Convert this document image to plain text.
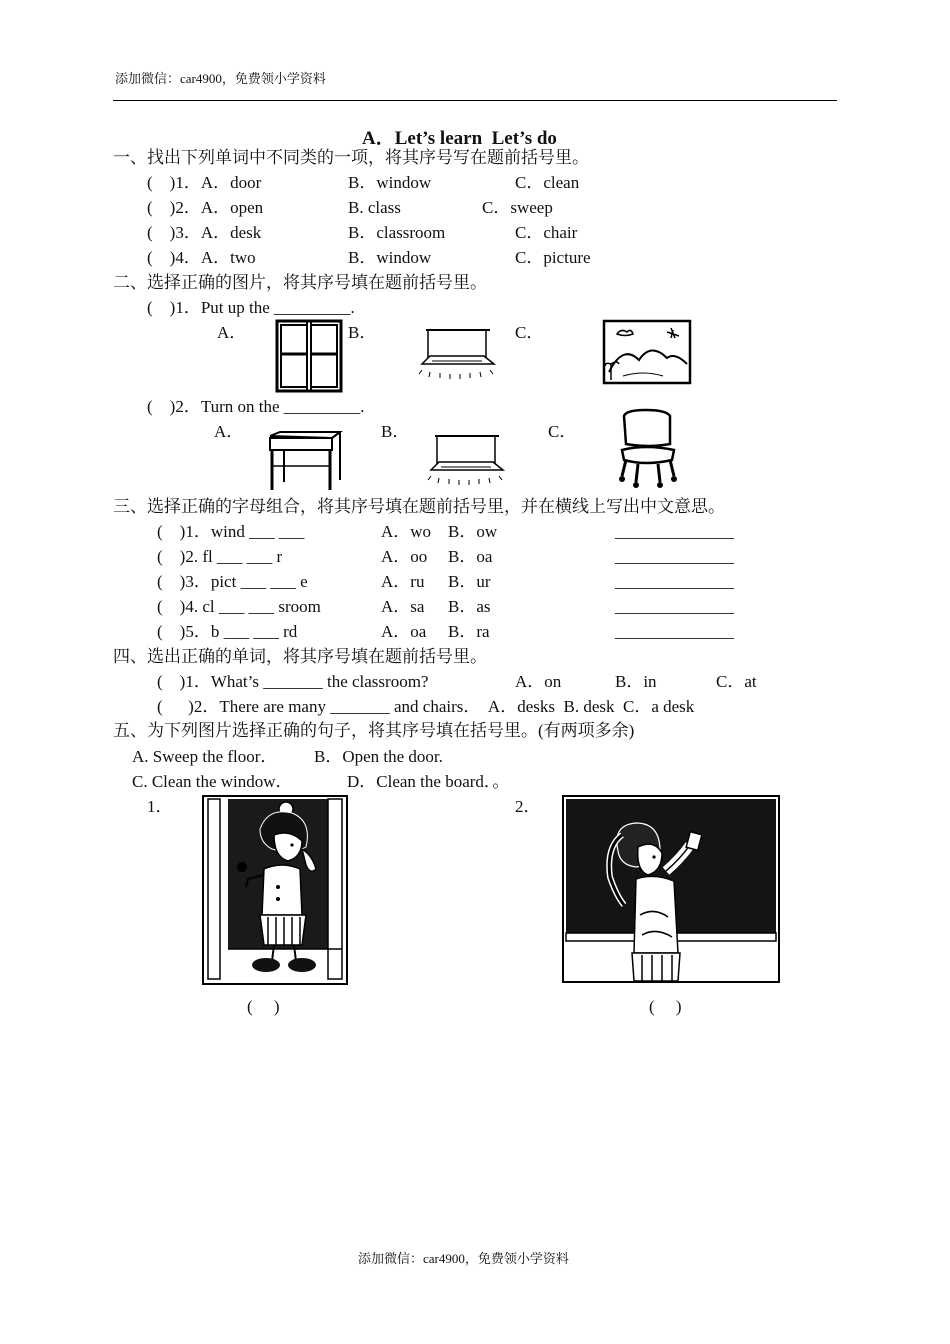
添加微信：car4900，免费领小学资料
A．Let’s learn  Let’s do
一、找出下列单词中不同类的一项，将其序号写在题前括号里。
(    )1．A．door	B．window	C．clean
(    )2．A．open	B. class	C．sweep
(    )3．A．desk	B．classroom	C．chair
(    )4．A．two	B．window	C．picture
二、选择正确的图片，将其序号填在题前括号里。
(    )1．Put up the _________.
A．	B．	C．
(    )2．Turn on the _________.
A．	B．	C．
三、选择正确的字母组合，将其序号填在题前括号里，并在横线上写出中文意思。
(    )1．wind ___ ___	A．wo B．ow	______________
(    )2. fl ___ ___ r	A．oo B．oa	______________
(    )3．pict ___ ___ e	A．ru B．ur	______________
(    )4. cl ___ ___ sroom	A．sa B．as	______________
(    )5．b ___ ___ rd	A．oa B．ra	______________
四、选出正确的单词，将其序号填在题前括号里。
(    )1．What’s _______ the classroom?	A．on	B．in	C．at
(      )2．There are many _______ and chairs．  A．desks  B. desk  C．a desk
五、为下列图片选择正确的句子，将其序号填在括号里。(有两项多余)
A. Sweep the floor． B．Open the door.
C. Clean the window．	D．Clean the board．。
1．	2．
(     )	(     )
添加微信：car4900，免费领小学资料
